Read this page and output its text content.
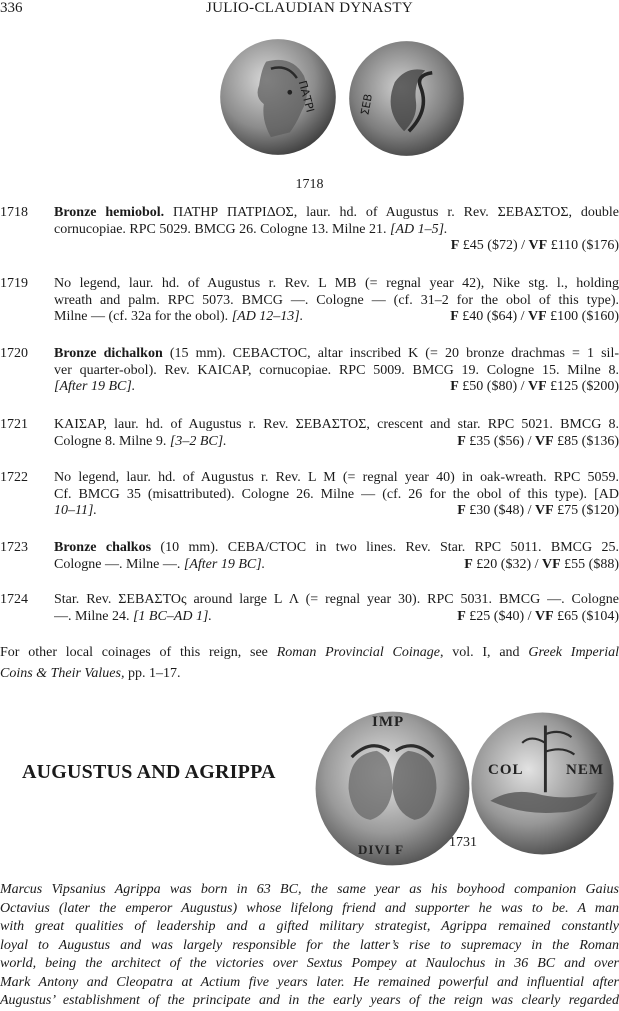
336	JULIO-CLAUDIAN DYNASTY
ΠΑΤΡΙ	ΣΕΒ
1718
1718	Bronze hemiobol. ΠΑΤΗΡ ΠΑΤΡΙΔΟΣ, laur. hd. of Augustus r. Rev. ΣΕΒΑΣΤΟΣ, double
cornucopiae. RPC 5029. BMCG 26. Cologne 13. Milne 21. [AD 1–5].
F £45 ($72) / VF £110 ($176)
1719	No legend, laur. hd. of Augustus r. Rev. L MB (= regnal year 42), Nike stg. l., holding
wreath and palm. RPC 5073. BMCG —. Cologne — (cf. 31–2 for the obol of this type).
Milne — (cf. 32a for the obol). [AD 12–13].	F £40 ($64) / VF £100 ($160)
1720	Bronze dichalkon (15 mm). CEBACTOC, altar inscribed K (= 20 bronze drachmas = 1 sil-
ver quarter-obol). Rev. KAICAP, cornucopiae. RPC 5009. BMCG 19. Cologne 15. Milne 8.
[After 19 BC].	F £50 ($80) / VF £125 ($200)
1721	ΚΑΙΣΑΡ, laur. hd. of Augustus r. Rev. ΣΕΒΑΣΤΟΣ, crescent and star. RPC 5021. BMCG 8.
Cologne 8. Milne 9. [3–2 BC].	F £35 ($56) / VF £85 ($136)
1722	No legend, laur. hd. of Augustus r. Rev. L M (= regnal year 40) in oak-wreath. RPC 5059.
Cf. BMCG 35 (misattributed). Cologne 26. Milne — (cf. 26 for the obol of this type). [AD
10–11].	F £30 ($48) / VF £75 ($120)
1723	Bronze chalkos (10 mm). CEBA/CTOC in two lines. Rev. Star. RPC 5011. BMCG 25.
Cologne —. Milne —. [After 19 BC].	F £20 ($32) / VF £55 ($88)
1724	Star. Rev. ΣΕΒΑΣΤΟς around large L Λ (= regnal year 30). RPC 5031. BMCG —. Cologne
—. Milne 24. [1 BC–AD 1].	F £25 ($40) / VF £65 ($104)
For other local coinages of this reign, see Roman Provincial Coinage, vol. I, and Greek Imperial
Coins & Their Values, pp. 1–17.
AUGUSTUS AND AGRIPPA
IMP
DIVI F
COL	NEM
1731
Marcus Vipsanius Agrippa was born in 63 BC, the same year as his boyhood companion Gaius
Octavius (later the emperor Augustus) whose lifelong friend and supporter he was to be. A man
with great qualities of leadership and a gifted military strategist, Agrippa remained constantly
loyal to Augustus and was largely responsible for the latter’s rise to supremacy in the Roman
world, being the architect of the victories over Sextus Pompey at Naulochus in 36 BC and over
Mark Antony and Cleopatra at Actium five years later. He remained powerful and influential after
Augustus’ establishment of the principate and in the early years of the reign was clearly regarded
